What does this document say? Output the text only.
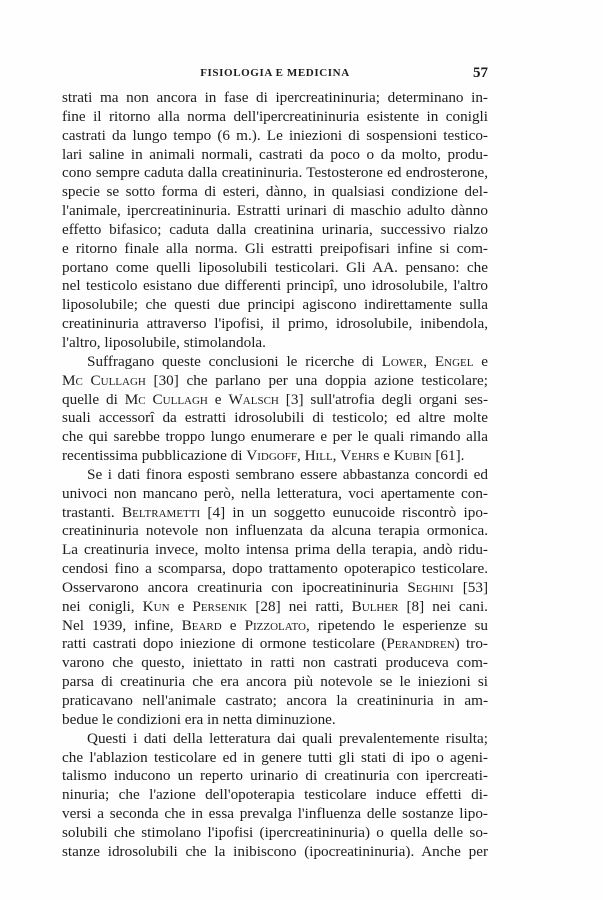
FISIOLOGIA E MEDICINA	57
strati ma non ancora in fase di ipercreatininuria; determinano in-
fine il ritorno alla norma dell'ipercreatininuria esistente in conigli
castrati da lungo tempo (6 m.). Le iniezioni di sospensioni testico-
lari saline in animali normali, castrati da poco o da molto, produ-
cono sempre caduta dalla creatininuria. Testosterone ed endrosterone,
specie se sotto forma di esteri, dànno, in qualsiasi condizione del-
l'animale, ipercreatininuria. Estratti urinari di maschio adulto dànno
effetto bifasico; caduta dalla creatinina urinaria, successivo rialzo
e ritorno finale alla norma. Gli estratti preipofisari infine si com-
portano come quelli liposolubili testicolari. Gli AA. pensano: che
nel testicolo esistano due differenti principî, uno idrosolubile, l'altro
liposolubile; che questi due principi agiscono indirettamente sulla
creatininuria attraverso l'ipofisi, il primo, idrosolubile, inibendola,
l'altro, liposolubile, stimolandola.
Suffragano queste conclusioni le ricerche di Lower, Engel e
Mc Cullagh [30] che parlano per una doppia azione testicolare;
quelle di Mc Cullagh e Walsch [3] sull'atrofia degli organi ses-
suali accessorî da estratti idrosolubili di testicolo; ed altre molte
che qui sarebbe troppo lungo enumerare e per le quali rimando alla
recentissima pubblicazione di Vidgoff, Hill, Vehrs e Kubin [61].
Se i dati finora esposti sembrano essere abbastanza concordi ed
univoci non mancano però, nella letteratura, voci apertamente con-
trastanti. Beltrametti [4] in un soggetto eunucoide riscontrò ipo-
creatininuria notevole non influenzata da alcuna terapia ormonica.
La creatinuria invece, molto intensa prima della terapia, andò ridu-
cendosi fino a scomparsa, dopo trattamento opoterapico testicolare.
Osservarono ancora creatinuria con ipocreatininuria Seghini [53]
nei conigli, Kun e Persenik [28] nei ratti, Bulher [8] nei cani.
Nel 1939, infine, Beard e Pizzolato, ripetendo le esperienze su
ratti castrati dopo iniezione di ormone testicolare (Perandren) tro-
varono che questo, iniettato in ratti non castrati produceva com-
parsa di creatinuria che era ancora più notevole se le iniezioni si
praticavano nell'animale castrato; ancora la creatininuria in am-
bedue le condizioni era in netta diminuzione.
Questi i dati della letteratura dai quali prevalentemente risulta;
che l'ablazion testicolare ed in genere tutti gli stati di ipo o ageni-
talismo inducono un reperto urinario di creatinuria con ipercreati-
ninuria; che l'azione dell'opoterapia testicolare induce effetti di-
versi a seconda che in essa prevalga l'influenza delle sostanze lipo-
solubili che stimolano l'ipofisi (ipercreatininuria) o quella delle so-
stanze idrosolubili che la inibiscono (ipocreatininuria). Anche per
